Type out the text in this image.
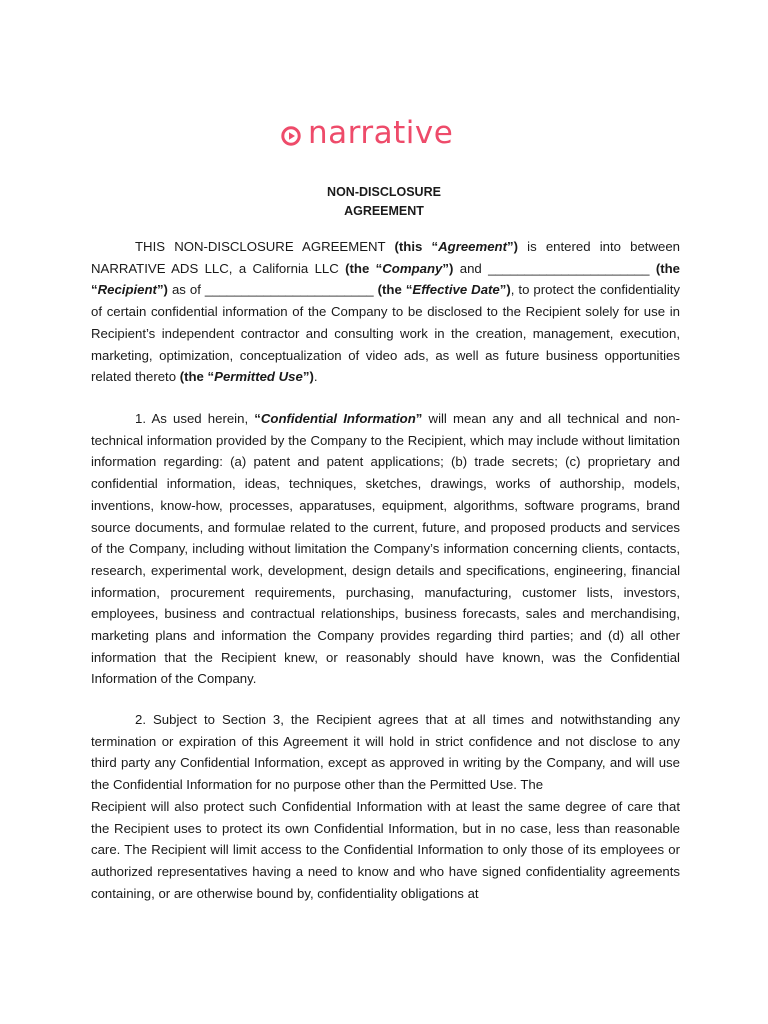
narrative
NON-DISCLOSURE
AGREEMENT

THIS NON-DISCLOSURE AGREEMENT (this “Agreement”) is entered into between NARRATIVE ADS LLC, a California LLC (the “Company”) and ______________________ (the “Recipient”) as of _______________________ (the “Effective Date”), to protect the confidentiality of certain confidential information of the Company to be disclosed to the Recipient solely for use in Recipient’s independent contractor and consulting work in the creation, management, execution, marketing, optimization, conceptualization of video ads, as well as future business opportunities related thereto (the “Permitted Use”).

1. As used herein, “Confidential Information” will mean any and all technical and non-technical information provided by the Company to the Recipient, which may include without limitation information regarding: (a) patent and patent applications; (b) trade secrets; (c) proprietary and confidential information, ideas, techniques, sketches, drawings, works of authorship, models, inventions, know-how, processes, apparatuses, equipment, algorithms, software programs, brand source documents, and formulae related to the current, future, and proposed products and services of the Company, including without limitation the Company’s information concerning clients, contacts, research, experimental work, development, design details and specifications, engineering, financial information, procurement requirements, purchasing, manufacturing, customer lists, investors, employees, business and contractual relationships, business forecasts, sales and merchandising, marketing plans and information the Company provides regarding third parties; and (d) all other information that the Recipient knew, or reasonably should have known, was the Confidential Information of the Company.

2. Subject to Section 3, the Recipient agrees that at all times and notwithstanding any termination or expiration of this Agreement it will hold in strict confidence and not disclose to any third party any Confidential Information, except as approved in writing by the Company, and will use the Confidential Information for no purpose other than the Permitted Use. The

Recipient will also protect such Confidential Information with at least the same degree of care that the Recipient uses to protect its own Confidential Information, but in no case, less than reasonable care. The Recipient will limit access to the Confidential Information to only those of its employees or authorized representatives having a need to know and who have signed confidentiality agreements containing, or are otherwise bound by, confidentiality obligations at
